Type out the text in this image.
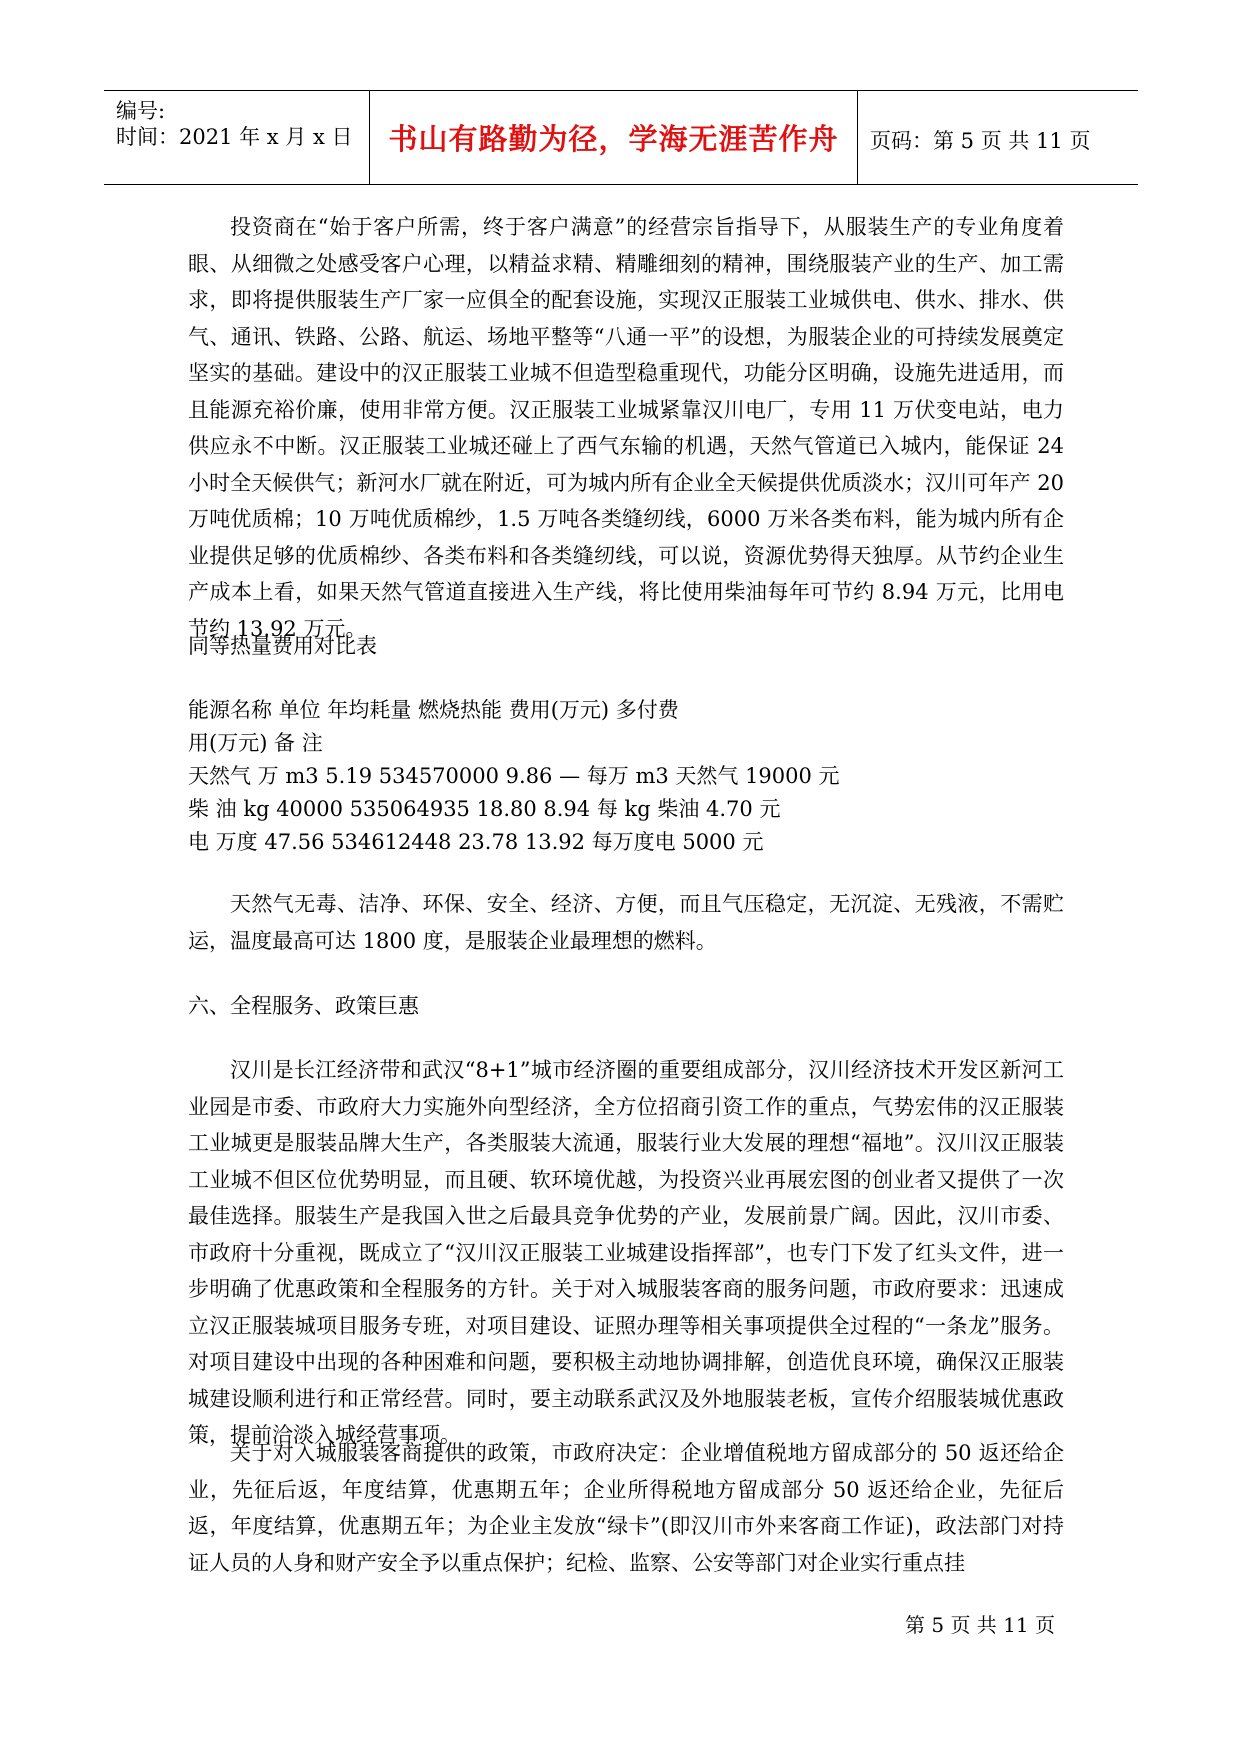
编号:
时间：2021 年 x 月 x 日	书山有路勤为径，学海无涯苦作舟	页码：第 5 页 共 11 页

投资商在“始于客户所需，终于客户满意”的经营宗旨指导下，从服装生产的专业角度着眼、从细微之处感受客户心理，以精益求精、精雕细刻的精神，围绕服装产业的生产、加工需求，即将提供服装生产厂家一应俱全的配套设施，实现汉正服装工业城供电、供水、排水、供气、通讯、铁路、公路、航运、场地平整等“八通一平”的设想，为服装企业的可持续发展奠定坚实的基础。建设中的汉正服装工业城不但造型稳重现代，功能分区明确，设施先进适用，而且能源充裕价廉，使用非常方便。汉正服装工业城紧靠汉川电厂，专用 11 万伏变电站，电力供应永不中断。汉正服装工业城还碰上了西气东输的机遇，天然气管道已入城内，能保证 24 小时全天候供气；新河水厂就在附近，可为城内所有企业全天候提供优质淡水；汉川可年产 20 万吨优质棉；10 万吨优质棉纱，1.5 万吨各类缝纫线，6000 万米各类布料，能为城内所有企业提供足够的优质棉纱、各类布料和各类缝纫线，可以说，资源优势得天独厚。从节约企业生产成本上看，如果天然气管道直接进入生产线，将比使用柴油每年可节约 8.94 万元，比用电节约 13.92 万元。

同等热量费用对比表
能源名称 单位 年均耗量 燃烧热能 费用(万元) 多付费
用(万元) 备 注
天然气 万 m3 5.19 534570000 9.86 — 每万 m3 天然气 19000 元
柴 油 kg 40000 535064935 18.80 8.94 每 kg 柴油 4.70 元
电 万度 47.56 534612448 23.78 13.92 每万度电 5000 元

天然气无毒、洁净、环保、安全、经济、方便，而且气压稳定，无沉淀、无残液，不需贮运，温度最高可达 1800 度，是服装企业最理想的燃料。

六、全程服务、政策巨惠

汉川是长江经济带和武汉“8+1”城市经济圈的重要组成部分，汉川经济技术开发区新河工业园是市委、市政府大力实施外向型经济，全方位招商引资工作的重点，气势宏伟的汉正服装工业城更是服装品牌大生产，各类服装大流通，服装行业大发展的理想“福地”。汉川汉正服装工业城不但区位优势明显，而且硬、软环境优越，为投资兴业再展宏图的创业者又提供了一次最佳选择。服装生产是我国入世之后最具竞争优势的产业，发展前景广阔。因此，汉川市委、市政府十分重视，既成立了“汉川汉正服装工业城建设指挥部”，也专门下发了红头文件，进一步明确了优惠政策和全程服务的方针。关于对入城服装客商的服务问题，市政府要求：迅速成立汉正服装城项目服务专班，对项目建设、证照办理等相关事项提供全过程的“一条龙”服务。对项目建设中出现的各种困难和问题，要积极主动地协调排解，创造优良环境，确保汉正服装城建设顺利进行和正常经营。同时，要主动联系武汉及外地服装老板，宣传介绍服装城优惠政策，提前洽淡入城经营事项。

关于对入城服装客商提供的政策，市政府决定：企业增值税地方留成部分的 50 返还给企业，先征后返，年度结算，优惠期五年；企业所得税地方留成部分 50 返还给企业，先征后返，年度结算，优惠期五年；为企业主发放“绿卡”(即汉川市外来客商工作证)，政法部门对持证人员的人身和财产安全予以重点保护；纪检、监察、公安等部门对企业实行重点挂

第 5 页 共 11 页
